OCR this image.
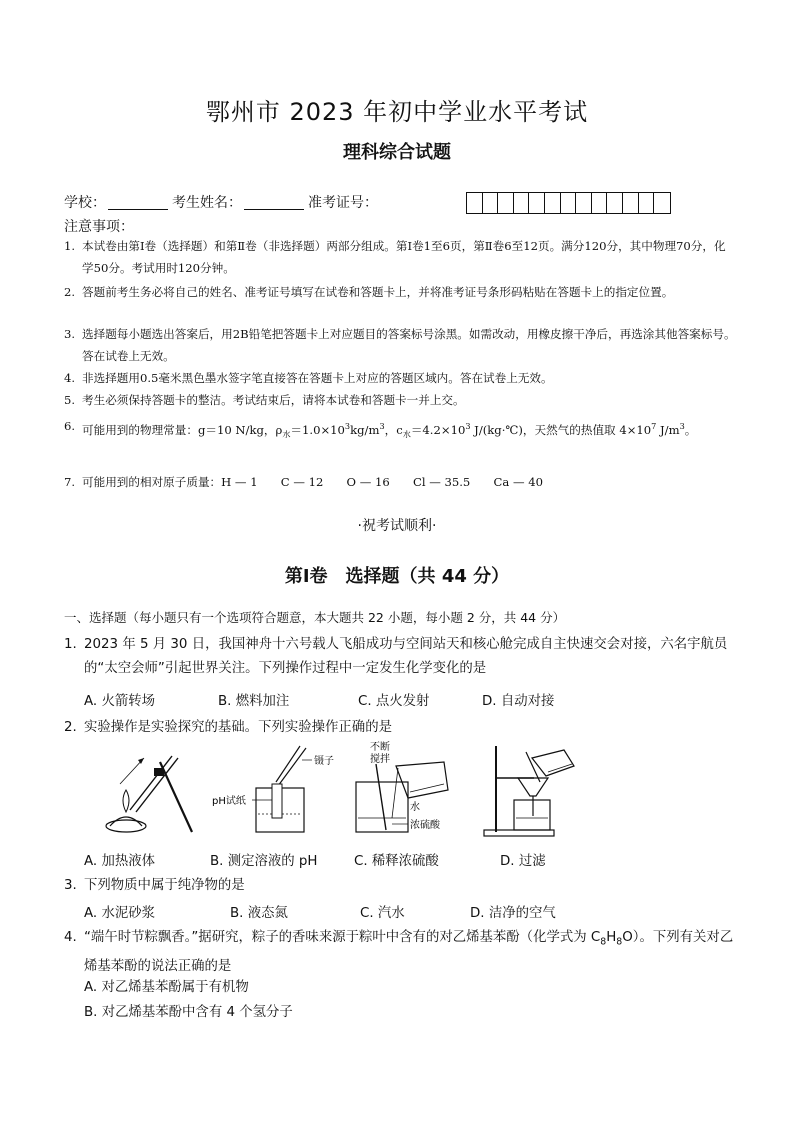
鄂州市 2023 年初中学业水平考试
理科综合试题
学校：	考生姓名：	准考证号：
注意事项：
1. 本试卷由第Ⅰ卷（选择题）和第Ⅱ卷（非选择题）两部分组成。第Ⅰ卷1至6页，第Ⅱ卷6至12页。满分120分，其中物理70分，化学50分。考试用时120分钟。
2. 答题前考生务必将自己的姓名、准考证号填写在试卷和答题卡上，并将准考证号条形码粘贴在答题卡上的指定位置。
3. 选择题每小题选出答案后，用2B铅笔把答题卡上对应题目的答案标号涂黑。如需改动，用橡皮擦干净后，再选涂其他答案标号。答在试卷上无效。
4. 非选择题用0.5毫米黑色墨水签字笔直接答在答题卡上对应的答题区域内。答在试卷上无效。
5. 考生必须保持答题卡的整洁。考试结束后，请将本试卷和答题卡一并上交。
6. 可能用到的物理常量：g＝10 N/kg，$\rho_水=1.0\times 10^3kg/m^3$，$c_水=4.2\times 10^3$ J/(kg·℃)，天然气的热值取 $4\times 10^7$ $J/m^3$。
7. 可能用到的相对原子质量：H — 1　　C — 12　　O — 16　　Cl — 35.5　　Ca — 40
·祝考试顺利·
第Ⅰ卷　选择题（共 44 分）
一、选择题（每小题只有一个选项符合题意，本大题共 22 小题，每小题 2 分，共 44 分）
1. 2023 年 5 月 30 日，我国神舟十六号载人飞船成功与空间站天和核心舱完成自主快速交会对接，六名宇航员的“太空会师”引起世界关注。下列操作过程中一定发生化学变化的是
A. 火箭转场	B. 燃料加注	C. 点火发射	D. 自动对接
2. 实验操作是实验探究的基础。下列实验操作正确的是
镊子
pH试纸
不断
搅拌
水
浓硫酸
A. 加热液体	B. 测定溶液的 pH	C. 稀释浓硫酸	D. 过滤
3. 下列物质中属于纯净物的是
A. 水泥砂浆	B. 液态氮	C. 汽水	D. 洁净的空气
4. “端午时节粽飘香。”据研究，粽子的香味来源于粽叶中含有的对乙烯基苯酚（化学式为 $C_8H_8O$）。下列有关对乙烯基苯酚的说法正确的是
A. 对乙烯基苯酚属于有机物
B. 对乙烯基苯酚中含有 4 个氢分子
